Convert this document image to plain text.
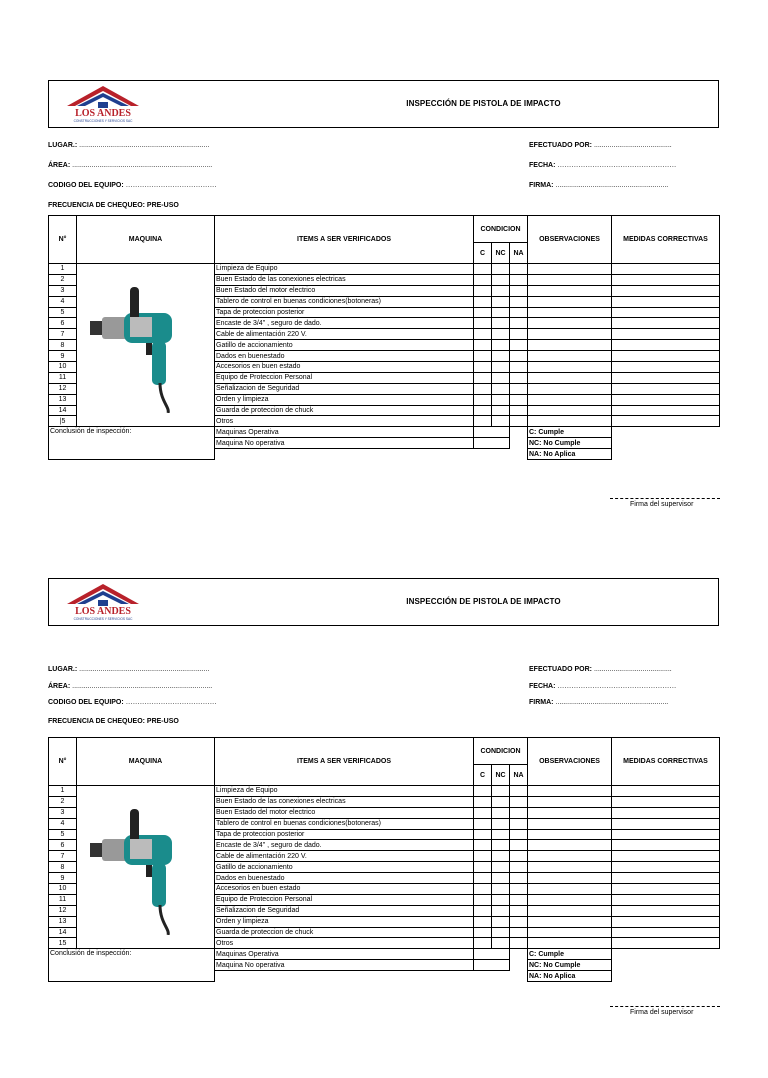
LOS ANDES
CONSTRUCCIONES Y SERVICIOS SAC
INSPECCIÓN DE PISTOLA DE IMPACTO
LUGAR.: ...................................................................
ÁREA: ........................................................................
CODIGO DEL EQUIPO: …………………………………
EFECTUADO POR: ........................................
FECHA: ……………………………………………
FIRMA: ..........................................................
FRECUENCIA DE CHEQUEO: PRE-USO
N°	MAQUINA	ITEMS A SER VERIFICADOS	CONDICION			OBSERVACIONES	MEDIDAS CORRECTIVAS
			C	NC	NA		
1		Limpieza de Equipo					
2		Buen Estado de las conexiones electricas					
3		Buen Estado del motor electrico					
4		Tablero de control en buenas condiciones(botoneras)					
5		Tapa de proteccion posterior					
6		Encaste de 3/4" , seguro de dado.					
7		Cable de alimentación 220 V.					
8		Gatillo de accionamiento					
9		Dados en buenestado					
10		Accesorios en buen estado					
11		Equipo de Proteccion Personal					
12		Señalizacion de Seguridad					
13		Orden y limpieza					
14		Guarda de proteccion de chuck					
|5		Otros					
Conclusión de inspección:		Maquinas Operativa				C: Cumple	
		Maquina No operativa				NC: No Cumple	
						NA: No Aplica	
Firma del supervisor
LOS ANDES
CONSTRUCCIONES Y SERVICIOS SAC
INSPECCIÓN DE PISTOLA DE IMPACTO
LUGAR.: ...................................................................
ÁREA: ........................................................................
CODIGO DEL EQUIPO: …………………………………
EFECTUADO POR: ........................................
FECHA: ……………………………………………
FIRMA: ..........................................................
FRECUENCIA DE CHEQUEO: PRE-USO
N°	MAQUINA	ITEMS A SER VERIFICADOS	CONDICION			OBSERVACIONES	MEDIDAS CORRECTIVAS
			C	NC	NA		
1		Limpieza de Equipo					
2		Buen Estado de las conexiones electricas					
3		Buen Estado del motor electrico					
4		Tablero de control en buenas condiciones(botoneras)					
5		Tapa de proteccion posterior					
6		Encaste de 3/4" , seguro de dado.					
7		Cable de alimentación 220 V.					
8		Gatillo de accionamiento					
9		Dados en buenestado					
10		Accesorios en buen estado					
11		Equipo de Proteccion Personal					
12		Señalizacion de Seguridad					
13		Orden y limpieza					
14		Guarda de proteccion de chuck					
15		Otros					
Conclusión de inspección:		Maquinas Operativa				C: Cumple	
		Maquina No operativa				NC: No Cumple	
						NA: No Aplica	
Firma del supervisor
